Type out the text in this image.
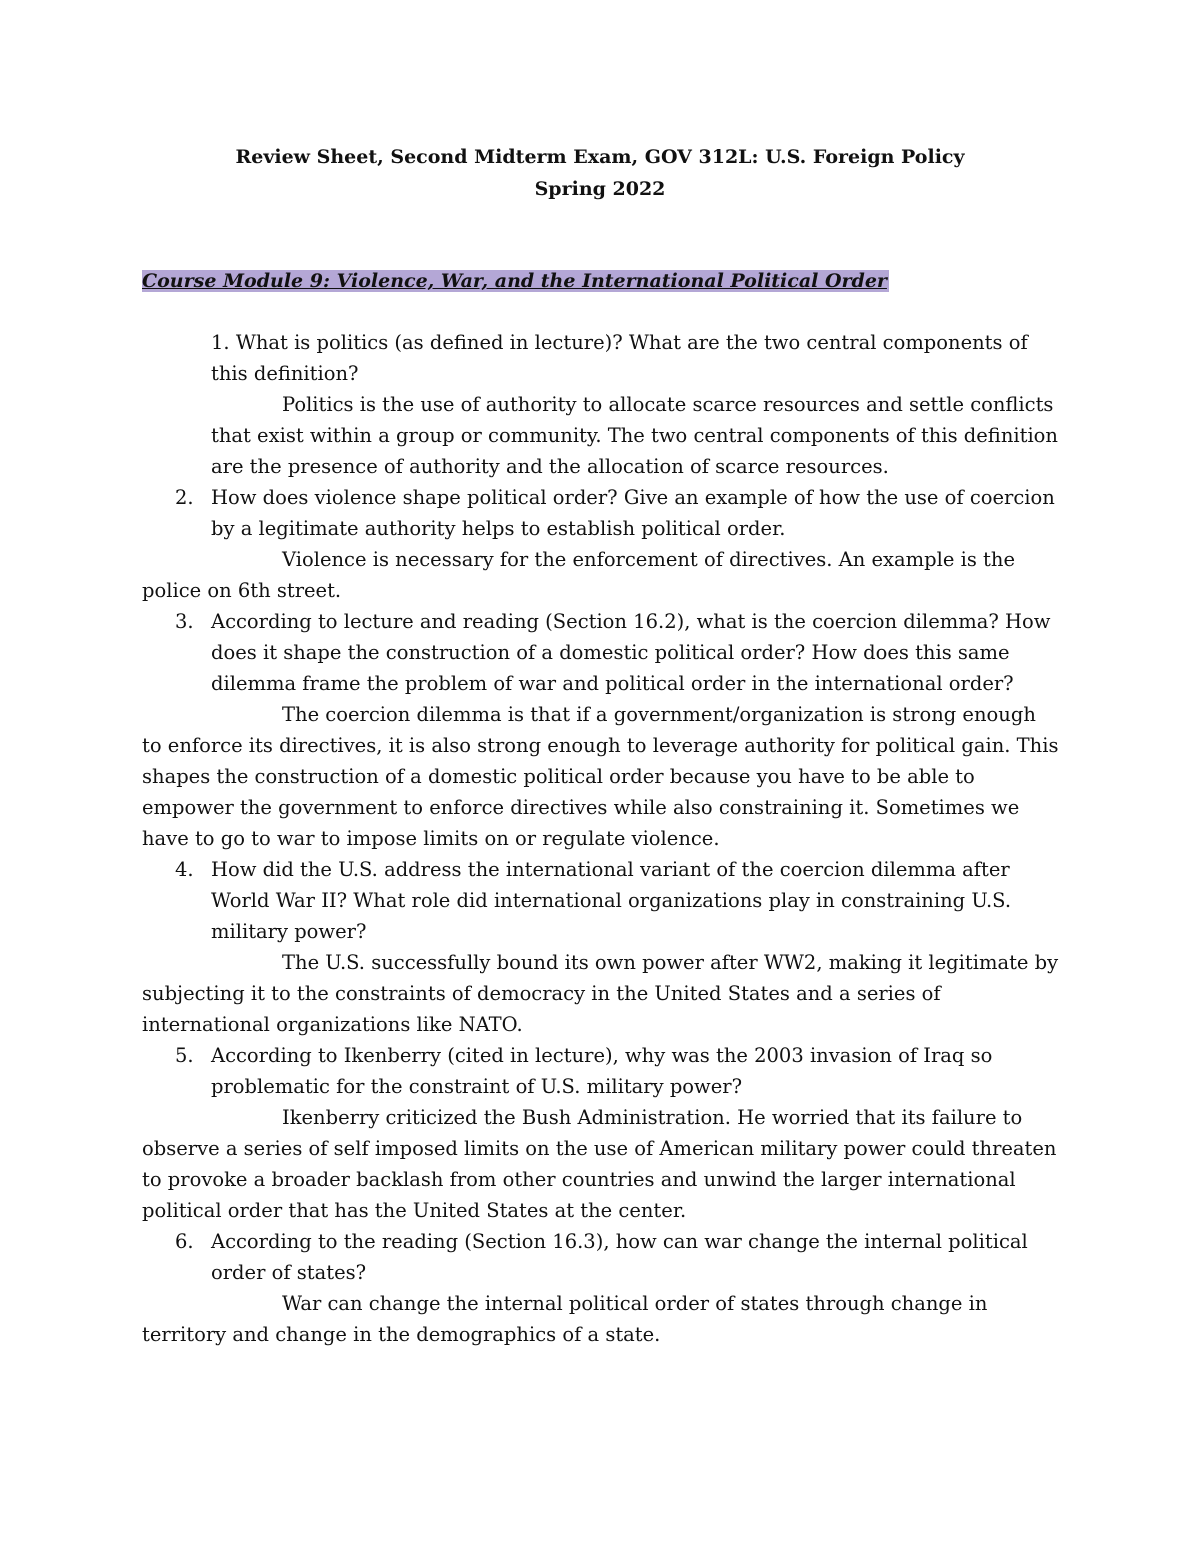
Review Sheet, Second Midterm Exam, GOV 312L: U.S. Foreign Policy

Spring 2022

Course Module 9: Violence, War, and the International Political Order

1. What is politics (as defined in lecture)? What are the two central components of this definition?

Politics is the use of authority to allocate scarce resources and settle conflicts that exist within a group or community. The two central components of this definition are the presence of authority and the allocation of scarce resources.

2. How does violence shape political order? Give an example of how the use of coercion by a legitimate authority helps to establish political order.

Violence is necessary for the enforcement of directives. An example is the police on 6th street.

3. According to lecture and reading (Section 16.2), what is the coercion dilemma? How does it shape the construction of a domestic political order? How does this same dilemma frame the problem of war and political order in the international order?

The coercion dilemma is that if a government/organization is strong enough to enforce its directives, it is also strong enough to leverage authority for political gain. This shapes the construction of a domestic political order because you have to be able to empower the government to enforce directives while also constraining it. Sometimes we have to go to war to impose limits on or regulate violence.

4. How did the U.S. address the international variant of the coercion dilemma after World War II? What role did international organizations play in constraining U.S. military power?

The U.S. successfully bound its own power after WW2, making it legitimate by subjecting it to the constraints of democracy in the United States and a series of international organizations like NATO.

5. According to Ikenberry (cited in lecture), why was the 2003 invasion of Iraq so problematic for the constraint of U.S. military power?

Ikenberry criticized the Bush Administration. He worried that its failure to observe a series of self imposed limits on the use of American military power could threaten to provoke a broader backlash from other countries and unwind the larger international political order that has the United States at the center.

6. According to the reading (Section 16.3), how can war change the internal political order of states?

War can change the internal political order of states through change in territory and change in the demographics of a state.
